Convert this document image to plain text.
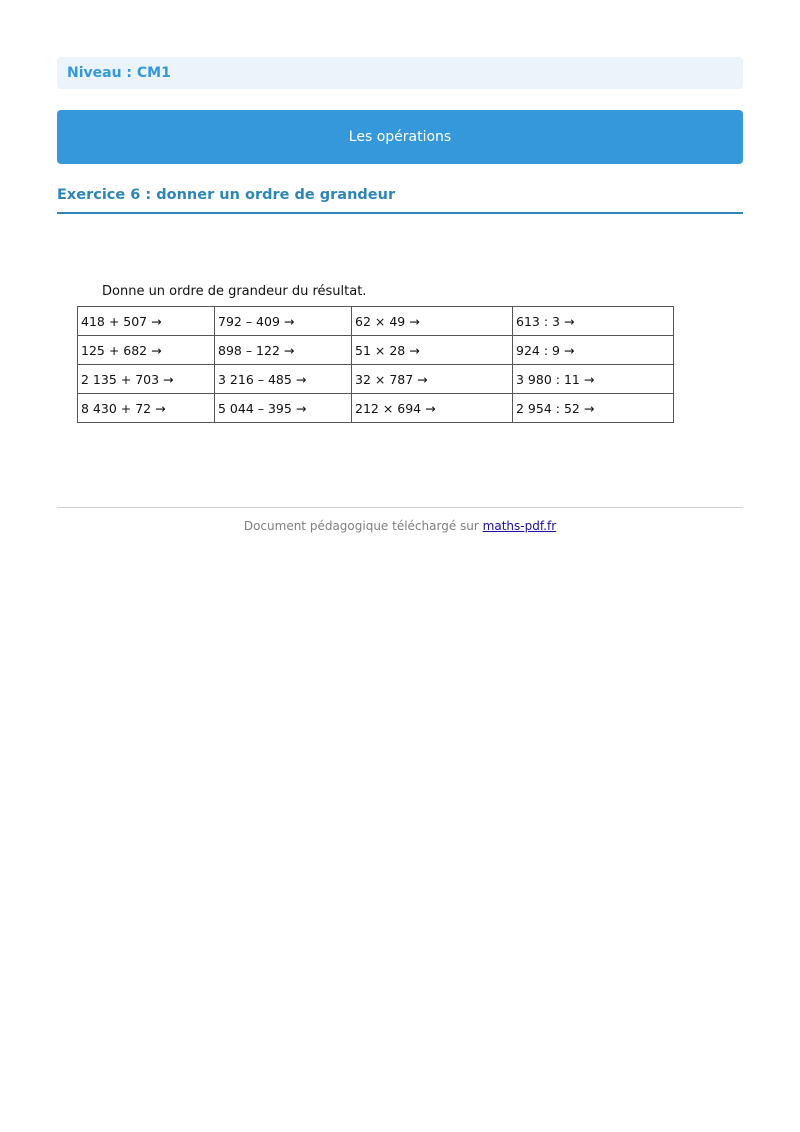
Niveau : CM1
Les opérations
Exercice 6 : donner un ordre de grandeur
Donne un ordre de grandeur du résultat.
418 + 507 →	792 – 409 →	62 × 49 →	613 : 3 →
125 + 682 →	898 – 122 →	51 × 28 →	924 : 9 →
2 135 + 703 →	3 216 – 485 →	32 × 787 →	3 980 : 11 →
8 430 + 72 →	5 044 – 395 →	212 × 694 →	2 954 : 52 →
Document pédagogique téléchargé sur maths-pdf.fr
